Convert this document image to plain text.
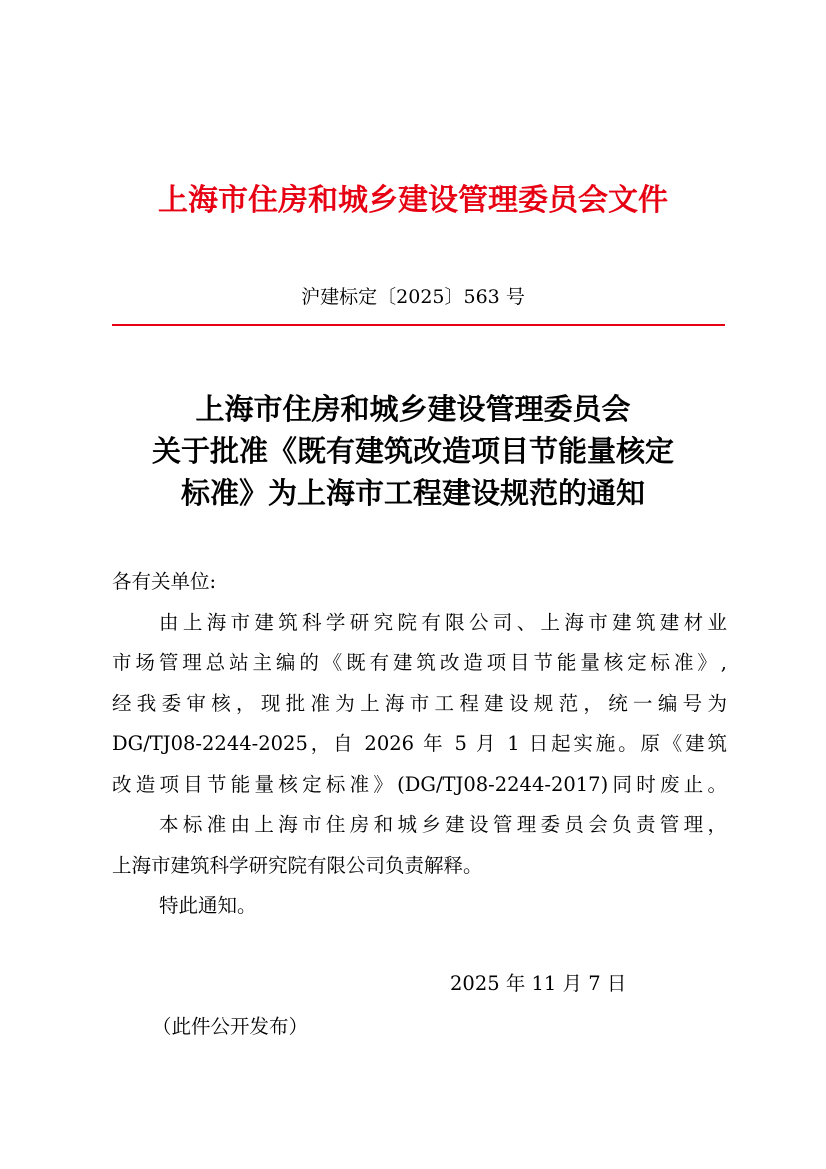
上海市住房和城乡建设管理委员会文件
沪建标定〔2025〕563 号
上海市住房和城乡建设管理委员会
关于批准《既有建筑改造项目节能量核定
标准》为上海市工程建设规范的通知
各有关单位:
由上海市建筑科学研究院有限公司、上海市建筑建材业
市场管理总站主编的《既有建筑改造项目节能量核定标准》,
经我委审核，现批准为上海市工程建设规范，统一编号为
DG/TJ08-2244-2025，自 2026 年 5 月 1 日起实施。原《建筑
改造项目节能量核定标准》(DG/TJ08-2244-2017)同时废止。
本标准由上海市住房和城乡建设管理委员会负责管理，
上海市建筑科学研究院有限公司负责解释。
特此通知。
2025 年 11 月 7 日
（此件公开发布）
